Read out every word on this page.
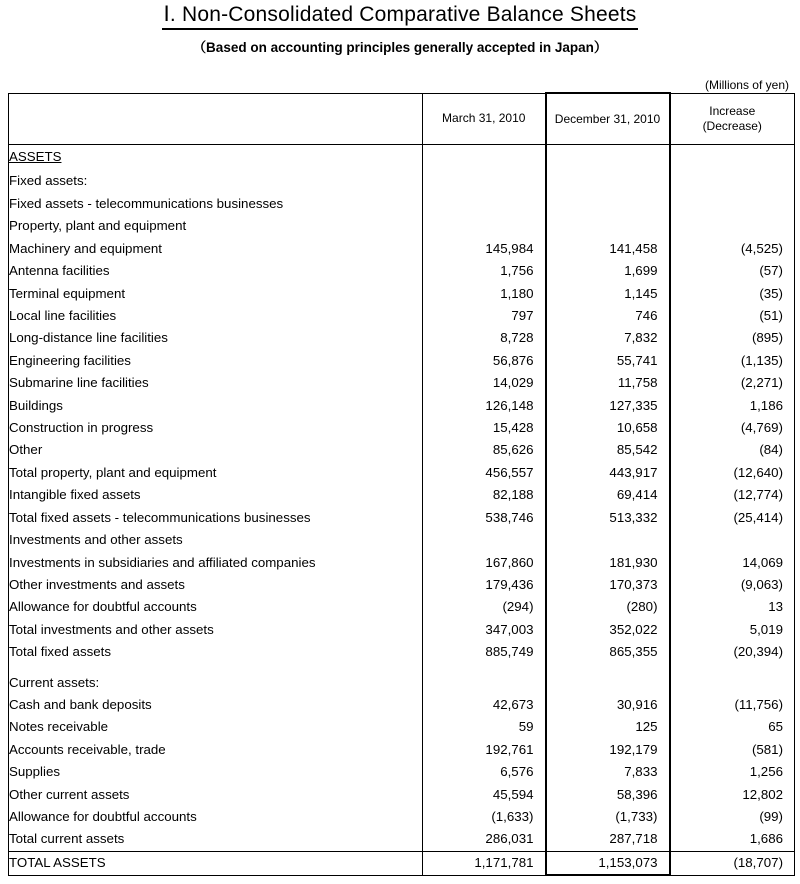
Ⅰ. Non-Consolidated Comparative Balance Sheets
（Based on accounting principles generally accepted in Japan）
(Millions of yen)
	March 31, 2010	December 31, 2010	Increase
(Decrease)

ASSETS			
Fixed assets:			
Fixed assets - telecommunications businesses			
Property, plant and equipment			
Machinery and equipment	145,984	141,458	(4,525)
Antenna facilities	1,756	1,699	(57)
Terminal equipment	1,180	1,145	(35)
Local line facilities	797	746	(51)
Long-distance line facilities	8,728	7,832	(895)
Engineering facilities	56,876	55,741	(1,135)
Submarine line facilities	14,029	11,758	(2,271)
Buildings	126,148	127,335	1,186
Construction in progress	15,428	10,658	(4,769)
Other	85,626	85,542	(84)
Total property, plant and equipment	456,557	443,917	(12,640)
Intangible fixed assets	82,188	69,414	(12,774)
Total fixed assets - telecommunications businesses	538,746	513,332	(25,414)
Investments and other assets			
Investments in subsidiaries and affiliated companies	167,860	181,930	14,069
Other investments and assets	179,436	170,373	(9,063)
Allowance for doubtful accounts	(294)	(280)	13
Total investments and other assets	347,003	352,022	5,019
Total fixed assets	885,749	865,355	(20,394)

Current assets:			
Cash and bank deposits	42,673	30,916	(11,756)
Notes receivable	59	125	65
Accounts receivable, trade	192,761	192,179	(581)
Supplies	6,576	7,833	1,256
Other current assets	45,594	58,396	12,802
Allowance for doubtful accounts	(1,633)	(1,733)	(99)
Total current assets	286,031	287,718	1,686
TOTAL ASSETS	1,171,781	1,153,073	(18,707)
